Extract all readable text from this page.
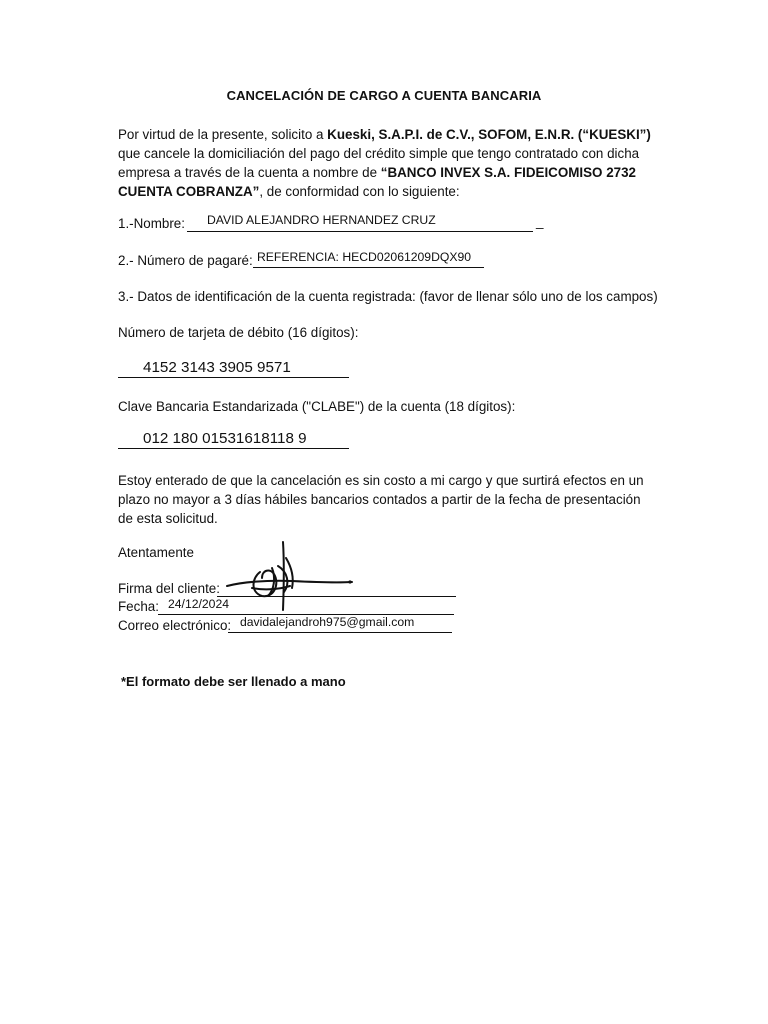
CANCELACIÓN DE CARGO A CUENTA BANCARIA
Por virtud de la presente, solicito a Kueski, S.A.P.I. de C.V., SOFOM, E.N.R. (“KUESKI”) que cancele la domiciliación del pago del crédito simple que tengo contratado con dicha empresa a través de la cuenta a nombre de “BANCO INVEX S.A. FIDEICOMISO 2732 CUENTA COBRANZA”, de conformidad con lo siguiente:
1.-Nombre: DAVID ALEJANDRO HERNANDEZ CRUZ	_
2.- Número de pagaré: REFERENCIA: HECD02061209DQX90
3.- Datos de identificación de la cuenta registrada: (favor de llenar sólo uno de los campos)
Número de tarjeta de débito (16 dígitos):
4152 3143 3905 9571
Clave Bancaria Estandarizada ("CLABE") de la cuenta (18 dígitos):
012 180 01531618118 9
Estoy enterado de que la cancelación es sin costo a mi cargo y que surtirá efectos en un plazo no mayor a 3 días hábiles bancarios contados a partir de la fecha de presentación de esta solicitud.
Atentamente
Firma del cliente:
Fecha: 24/12/2024
Correo electrónico: davidalejandroh975@gmail.com
*El formato debe ser llenado a mano
